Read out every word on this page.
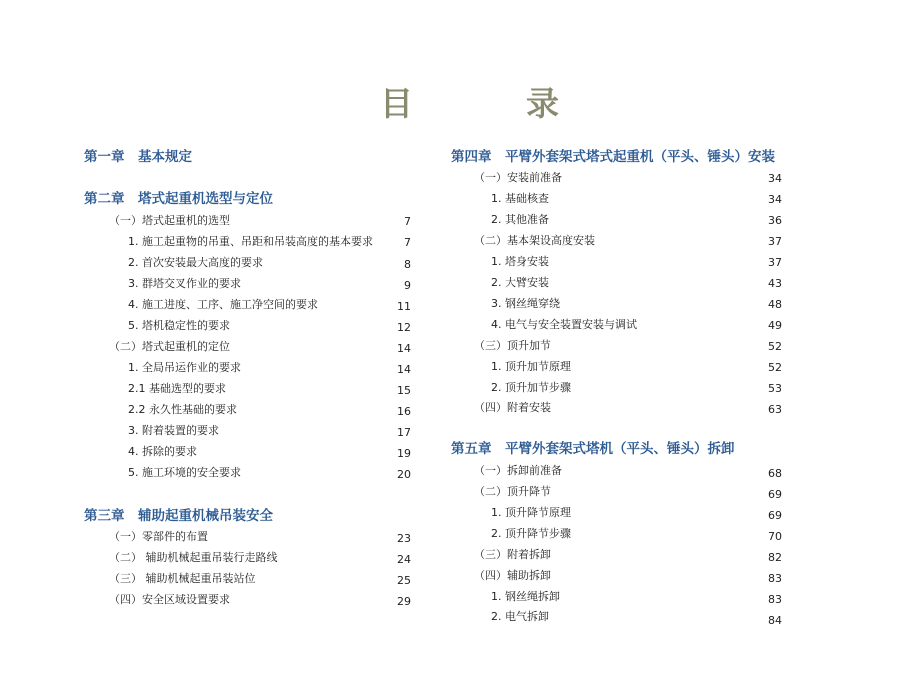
目　录
第一章　基本规定
第二章　塔式起重机选型与定位
（一）塔式起重机的选型	7
1. 施工起重物的吊重、吊距和吊装高度的基本要求	7
2. 首次安装最大高度的要求	8
3. 群塔交叉作业的要求	9
4. 施工进度、工序、施工净空间的要求	11
5. 塔机稳定性的要求	12
（二）塔式起重机的定位	14
1. 全局吊运作业的要求	14
2.1 基础选型的要求	15
2.2 永久性基础的要求	16
3. 附着装置的要求	17
4. 拆除的要求	19
5. 施工环境的安全要求	20
第三章　辅助起重机械吊装安全
（一）零部件的布置	23
（二） 辅助机械起重吊装行走路线	24
（三） 辅助机械起重吊装站位	25
（四）安全区域设置要求	29
第四章　平臂外套架式塔式起重机（平头、锤头）安装
（一）安装前准备	34
1. 基础核查	34
2. 其他准备	36
（二）基本架设高度安装	37
1. 塔身安装	37
2. 大臂安装	43
3. 钢丝绳穿绕	48
4. 电气与安全装置安装与调试	49
（三）顶升加节	52
1. 顶升加节原理	52
2. 顶升加节步骤	53
（四）附着安装	63
第五章　平臂外套架式塔机（平头、锤头）拆卸
（一）拆卸前准备	68
（二）顶升降节	69
1. 顶升降节原理	69
2. 顶升降节步骤	70
（三）附着拆卸	82
（四）辅助拆卸	83
1. 钢丝绳拆卸	83
2. 电气拆卸	84
